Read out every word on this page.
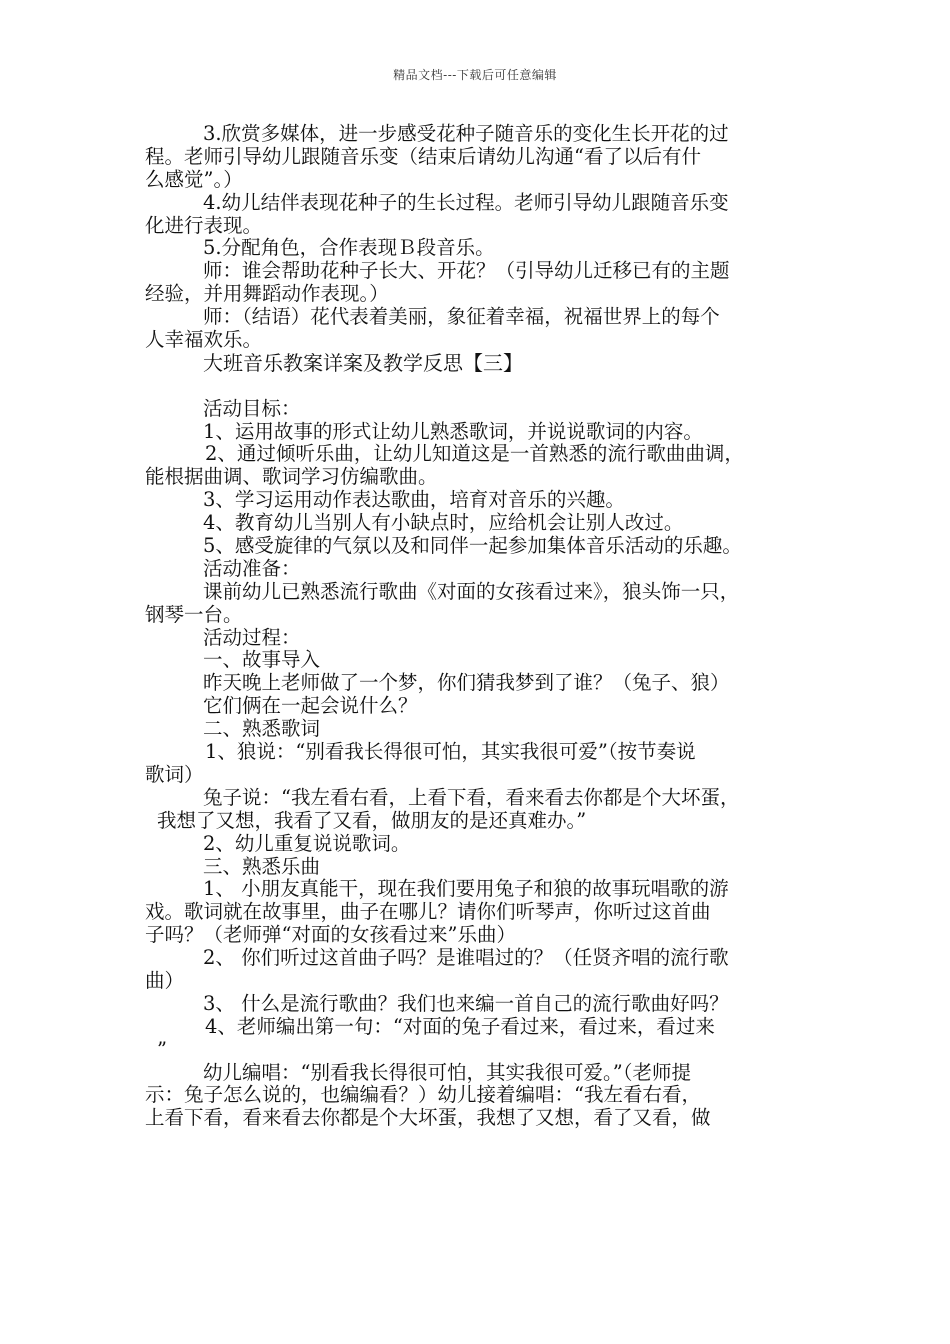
精品文档---下载后可任意编辑
3.欣赏多媒体，进一步感受花种子随音乐的变化生长开花的过
程。老师引导幼儿跟随音乐变（结束后请幼儿沟通“看了以后有什
么感觉”。）
4.幼儿结伴表现花种子的生长过程。老师引导幼儿跟随音乐变
化进行表现。
5.分配角色，合作表现Ｂ段音乐。
师：谁会帮助花种子长大、开花？（引导幼儿迁移已有的主题
经验，并用舞蹈动作表现。）
师：（结语）花代表着美丽，象征着幸福，祝福世界上的每个
人幸福欢乐。
大班音乐教案详案及教学反思【三】
活动目标：
1、运用故事的形式让幼儿熟悉歌词，并说说歌词的内容。
2、通过倾听乐曲，让幼儿知道这是一首熟悉的流行歌曲曲调，
能根据曲调、歌词学习仿编歌曲。
3、学习运用动作表达歌曲，培育对音乐的兴趣。
4、教育幼儿当别人有小缺点时，应给机会让别人改过。
5、感受旋律的气氛以及和同伴一起参加集体音乐活动的乐趣。
活动准备：
课前幼儿已熟悉流行歌曲《对面的女孩看过来》，狼头饰一只，
钢琴一台。
活动过程：
一、故事导入
昨天晚上老师做了一个梦，你们猜我梦到了谁？（兔子、狼）
它们俩在一起会说什么？
二、熟悉歌词
1、狼说：“别看我长得很可怕，其实我很可爱”（按节奏说
歌词）
兔子说：“我左看右看，上看下看，看来看去你都是个大坏蛋，
我想了又想，我看了又看，做朋友的是还真难办。”
2、幼儿重复说说歌词。
三、熟悉乐曲
1、 小朋友真能干，现在我们要用兔子和狼的故事玩唱歌的游
戏。歌词就在故事里，曲子在哪儿？请你们听琴声，你听过这首曲
子吗？（老师弹“对面的女孩看过来”乐曲）
2、 你们听过这首曲子吗？是谁唱过的？（任贤齐唱的流行歌
曲）
3、 什么是流行歌曲？我们也来编一首自己的流行歌曲好吗？
4、老师编出第一句：“对面的兔子看过来，看过来，看过来
”
幼儿编唱：“别看我长得很可怕，其实我很可爱。”（老师提
示：兔子怎么说的，也编编看？）幼儿接着编唱：“我左看右看，
上看下看，看来看去你都是个大坏蛋，我想了又想，看了又看，做
